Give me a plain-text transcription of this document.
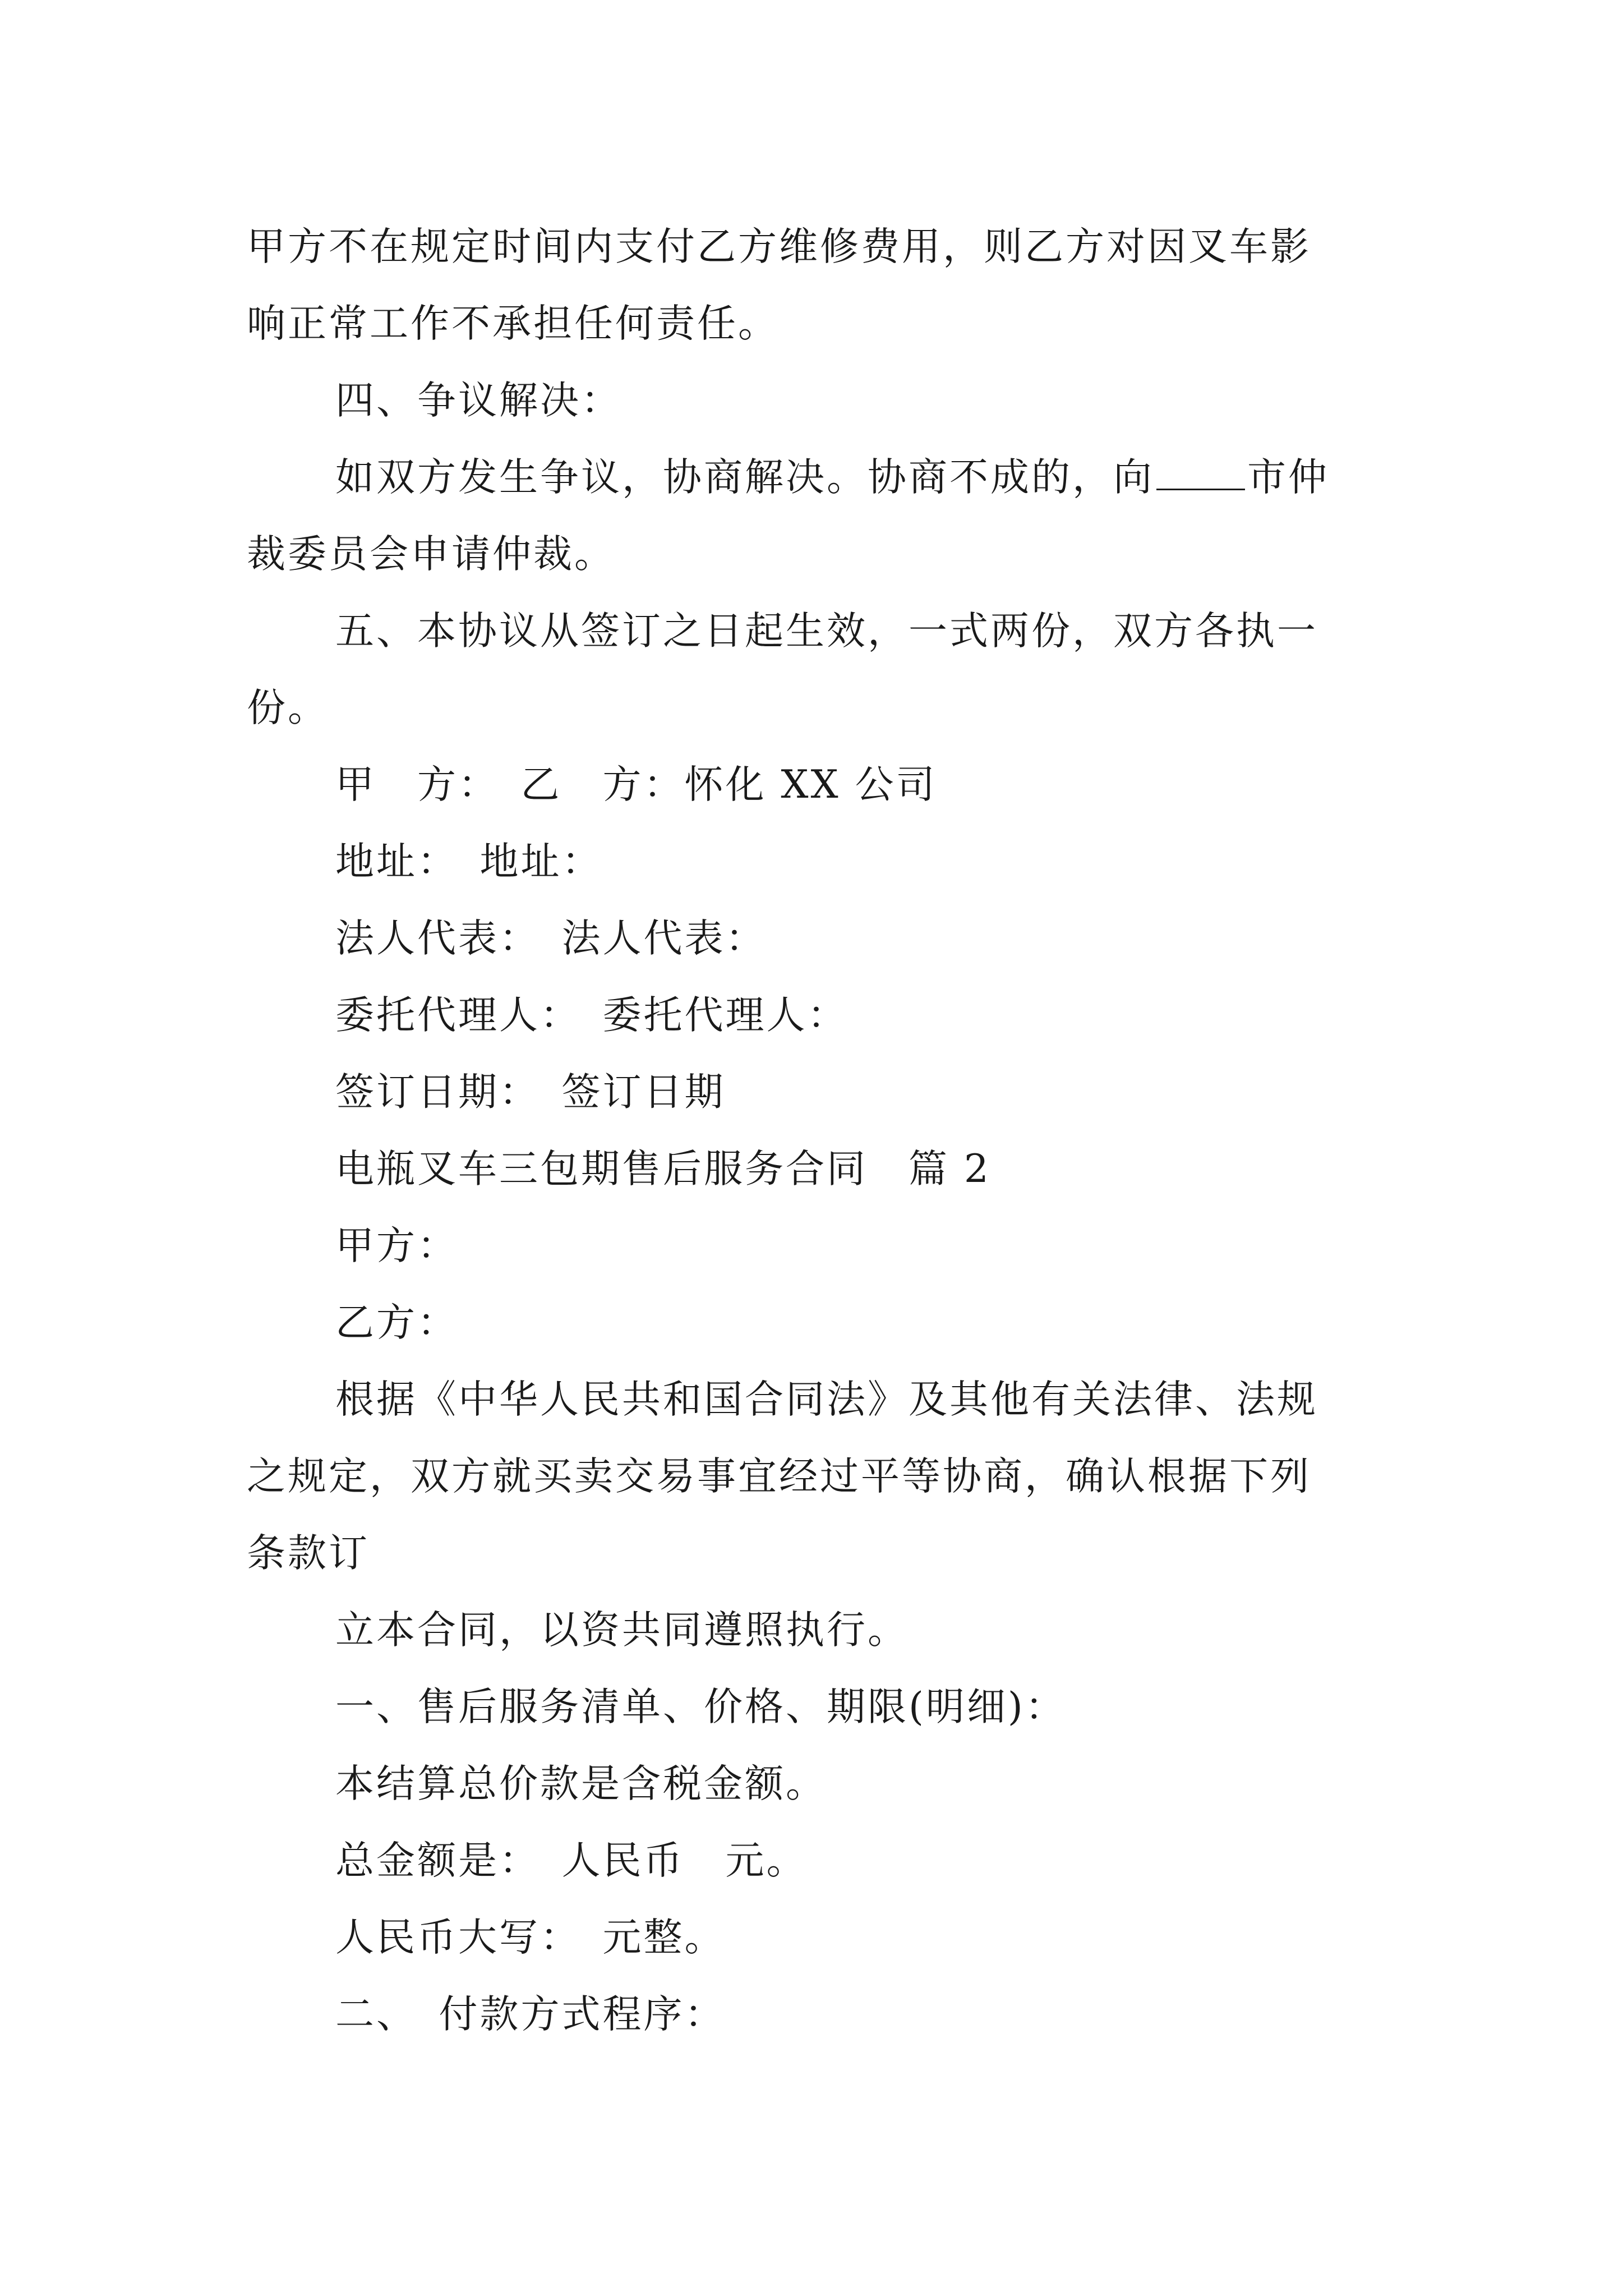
甲方不在规定时间内支付乙方维修费用，则乙方对因叉车影
响正常工作不承担任何责任。
四、争议解决：
如双方发生争议，协商解决。协商不成的，向 市仲
裁委员会申请仲裁。
五、本协议从签订之日起生效，一式两份，双方各执一
份。
甲　方：　乙　方：怀化 XX 公司
地址：　地址：
法人代表：　法人代表：
委托代理人：　委托代理人：
签订日期：　签订日期
电瓶叉车三包期售后服务合同　篇 2
甲方：
乙方：
根据《中华人民共和国合同法》及其他有关法律、法规
之规定，双方就买卖交易事宜经过平等协商，确认根据下列
条款订
立本合同，以资共同遵照执行。
一、售后服务清单、价格、期限(明细)：
本结算总价款是含税金额。
总金额是：　人民币　元。
人民币大写：　元整。
二、　付款方式程序：
